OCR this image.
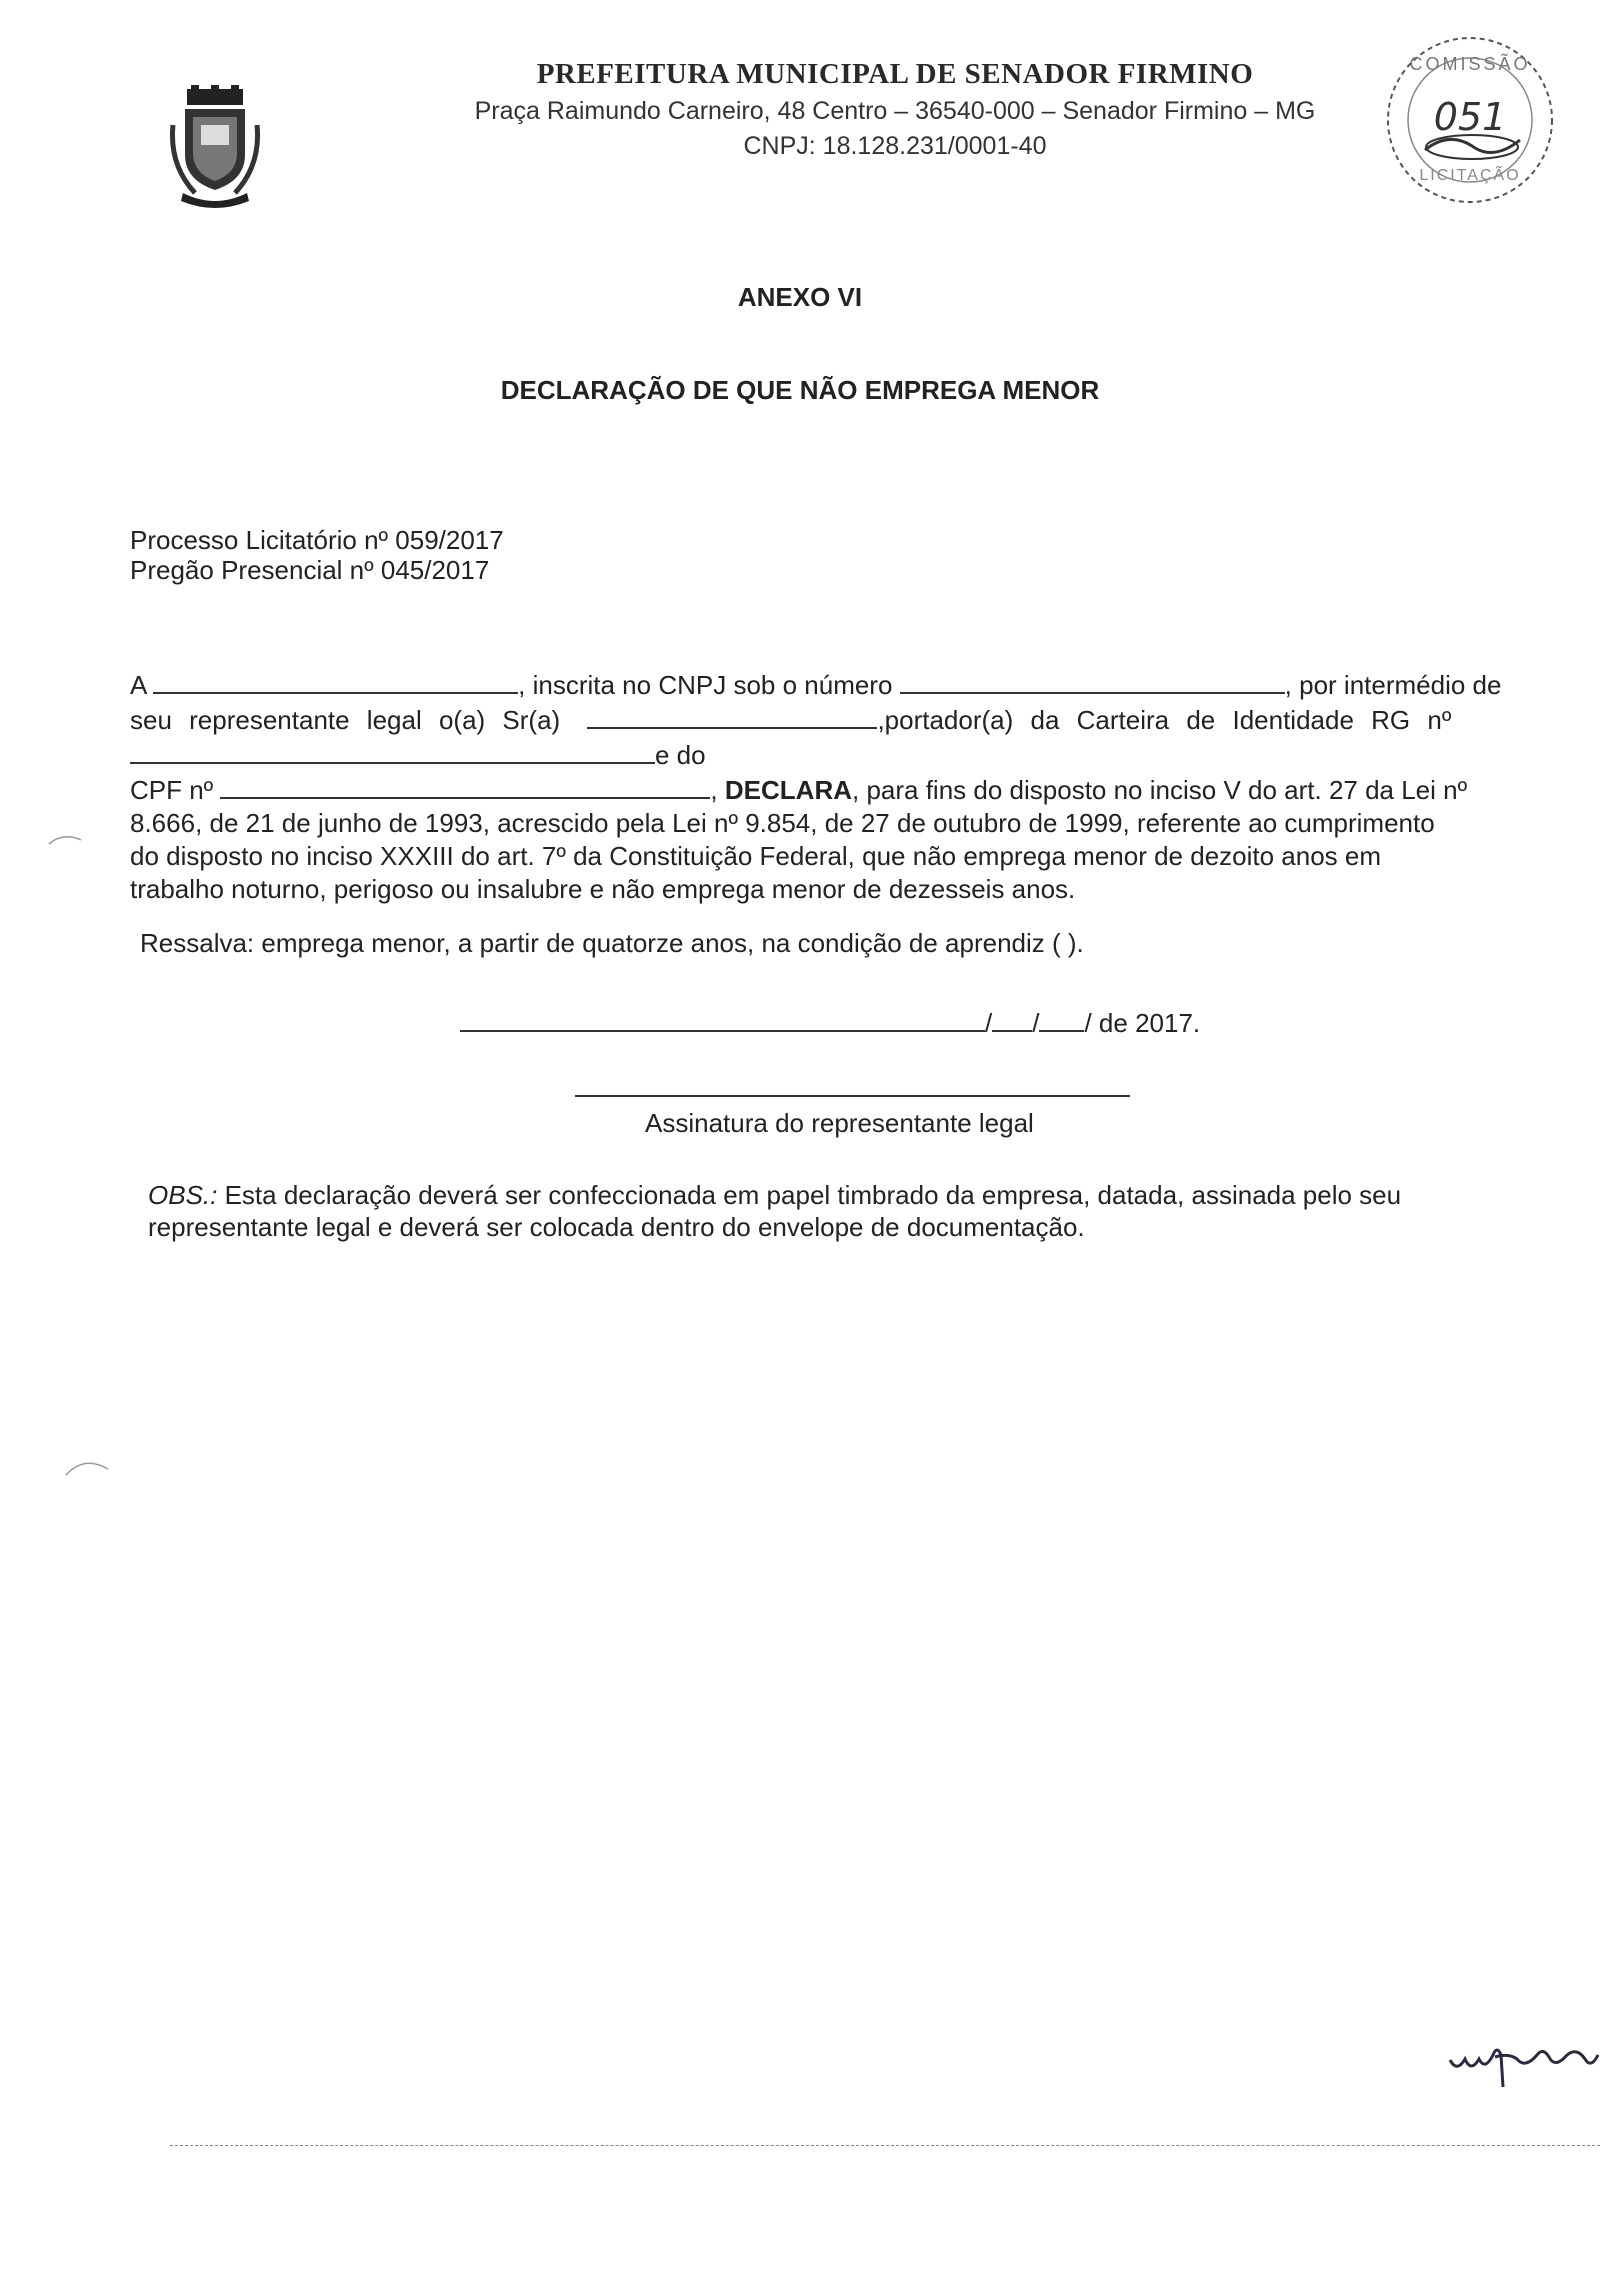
PREFEITURA MUNICIPAL DE SENADOR FIRMINO
Praça Raimundo Carneiro, 48 Centro – 36540-000 – Senador Firmino – MG
CNPJ: 18.128.231/0001-40
COMISSÃO
051
LICITAÇÃO
ANEXO VI
DECLARAÇÃO DE QUE NÃO EMPREGA MENOR
Processo Licitatório nº 059/2017
Pregão Presencial nº 045/2017
A	, inscrita no CNPJ sob o número	, por intermédio de
seu representante legal o(a) Sr(a)	,portador(a) da Carteira de Identidade RG nº
e do
CPF nº	, DECLARA, para fins do disposto no inciso V do art. 27 da Lei nº
8.666, de 21 de junho de 1993, acrescido pela Lei nº 9.854, de 27 de outubro de 1999, referente ao cumprimento
do disposto no inciso XXXIII do art. 7º da Constituição Federal, que não emprega menor de dezoito anos em
trabalho noturno, perigoso ou insalubre e não emprega menor de dezesseis anos.
Ressalva: emprega menor, a partir de quatorze anos, na condição de aprendiz ( ).
/ / / de 2017.
Assinatura do representante legal
OBS.: Esta declaração deverá ser confeccionada em papel timbrado da empresa, datada, assinada pelo seu
representante legal e deverá ser colocada dentro do envelope de documentação.
